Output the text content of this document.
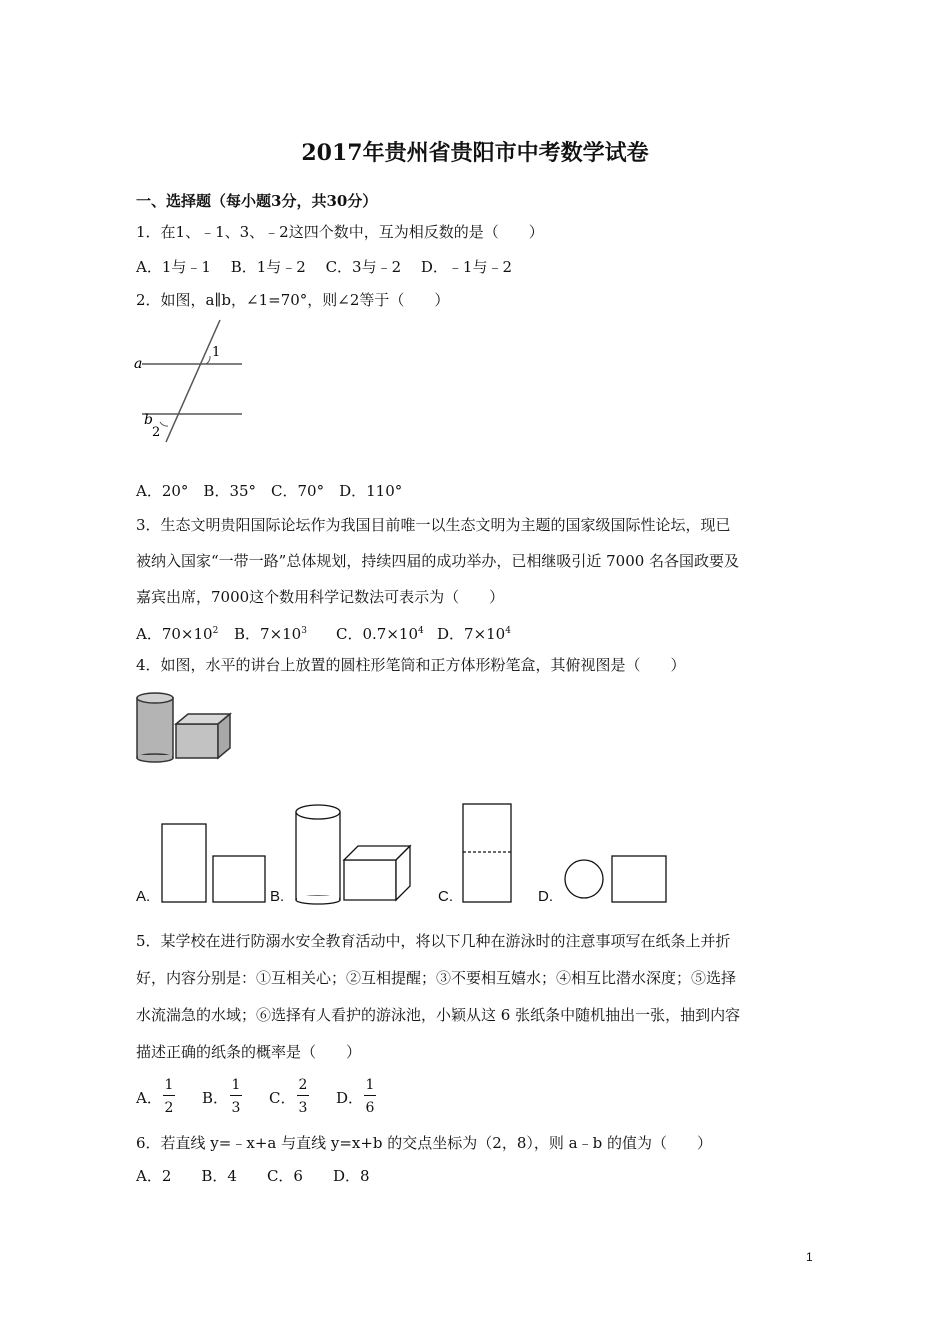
2017年贵州省贵阳市中考数学试卷
一、选择题（每小题3分，共30分）
1．在1、﹣1、3、﹣2这四个数中，互为相反数的是（　　）
A．1与﹣1　 B．1与﹣2　 C．3与﹣2　 D．﹣1与﹣2
2．如图，a∥b，∠1=70°，则∠2等于（　　）
a
b
1
2
A．20°　B．35°　C．70°　D．110°
3．生态文明贵阳国际论坛作为我国目前唯一以生态文明为主题的国家级国际性论坛，现已
被纳入国家“一带一路”总体规划，持续四届的成功举办，已相继吸引近 7000 名各国政要及
嘉宾出席，7000这个数用科学记数法可表示为（　　）
A．$70\times 10^2$ B．$7\times 10^3$ C．$0.7\times 10^4$ D．$7\times 10^4$
4．如图，水平的讲台上放置的圆柱形笔筒和正方体形粉笔盒，其俯视图是（　　）
A.	B.	C.	D.
5．某学校在进行防溺水安全教育活动中，将以下几种在游泳时的注意事项写在纸条上并折
好，内容分别是：①互相关心；②互相提醒；③不要相互嬉水；④相互比潜水深度；⑤选择
水流湍急的水域；⑥选择有人看护的游泳池，小颖从这 6 张纸条中随机抽出一张，抽到内容
描述正确的纸条的概率是（　　）
A．
1
2
B．
1
3
C．
2
3
D．
1
6
6．若直线 y=﹣x+a 与直线 y=x+b 的交点坐标为（2，8），则 a﹣b 的值为（　　）
A．2　　B．4　　C．6　　D．8
1
